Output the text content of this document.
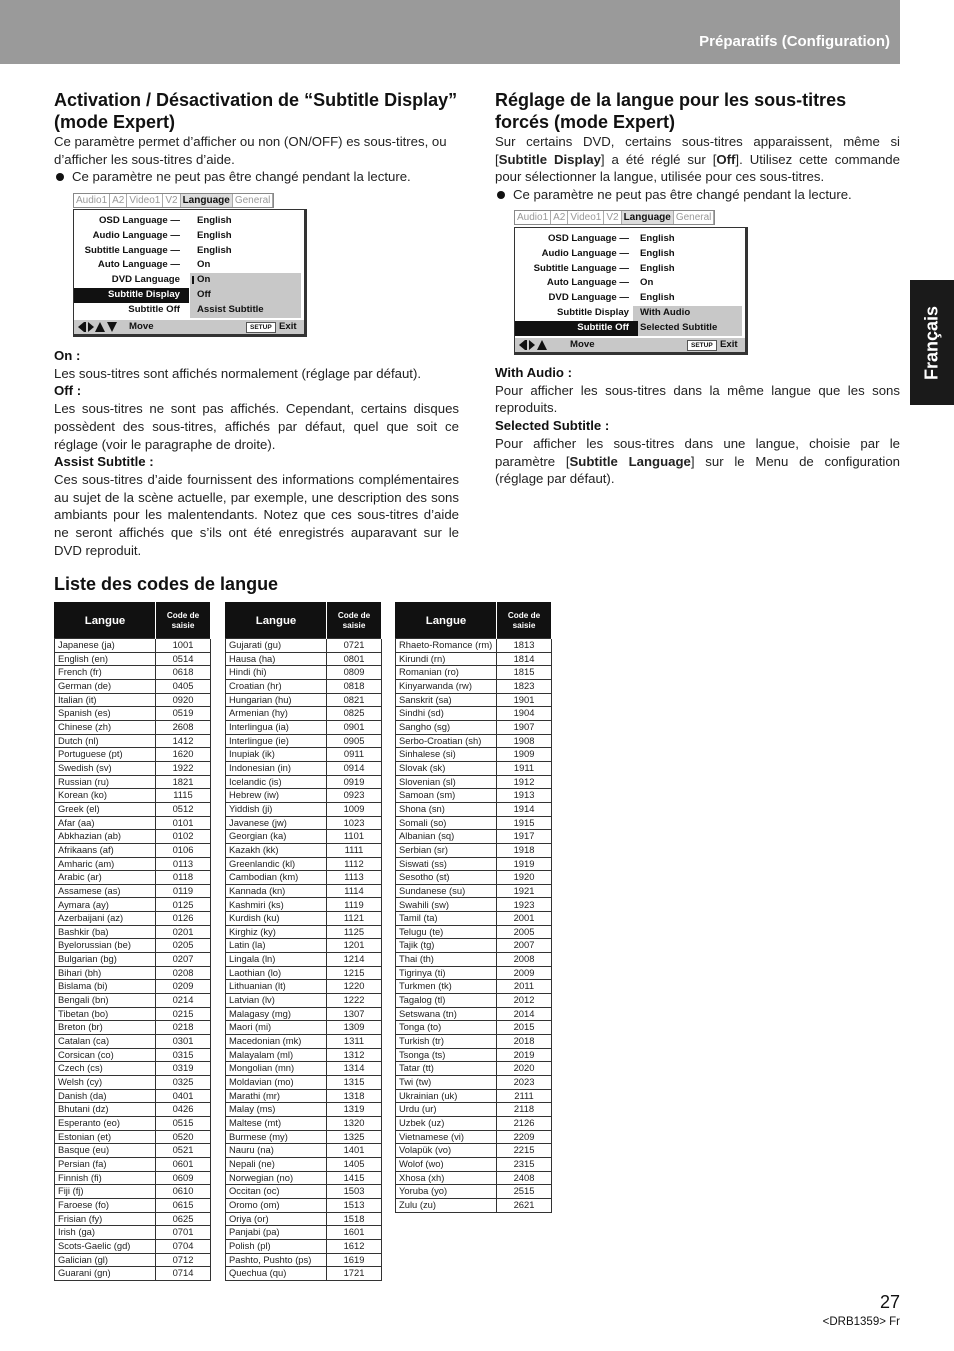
Préparatifs (Configuration)
Français
Activation / Désactivation de “Subtitle Display” (mode Expert)

Ce paramètre permet d’afficher ou non (ON/OFF) es sous-titres, ou d’afficher les sous-titres d’aide.

Ce paramètre ne peut pas être changé pendant la lecture.

Audio1 A2 Video1 V2 Language General
OSD Language —	English
Audio Language —	English
Subtitle Language —	English
Auto Language —	On
DVD Language	On
Subtitle Display	Off
Subtitle Off	Assist Subtitle
Move	SETUP Exit

On :

Les sous-titres sont affichés normalement (réglage par défaut).

Off :

Les sous-titres ne sont pas affichés. Cependant, certains disques possèdent des sous-titres, affichés par défaut, quel que soit ce réglage (voir le paragraphe de droite).

Assist Subtitle :

Ces sous-titres d’aide fournissent des informations complémentaires au sujet de la scène actuelle, par exemple, une description des sons ambiants pour les malentendants. Notez que ces sous-titres d’aide ne seront affichés que s’ils ont été enregistrés auparavant sur le DVD reproduit.

Réglage de la langue pour les sous-titres forcés (mode Expert)

Sur certains DVD, certains sous-titres apparaissent, même si [Subtitle Display] a été réglé sur [Off]. Utilisez cette commande pour sélectionner la langue, utilisée pour ces sous-titres.

Ce paramètre ne peut pas être changé pendant la lecture.

Audio1 A2 Video1 V2 Language General
OSD Language —	English
Audio Language —	English
Subtitle Language —	English
Auto Language —	On
DVD Language —	English
Subtitle Display	With Audio
Subtitle Off	Selected Subtitle
Move	SETUP Exit

With Audio :

Pour afficher les sous-titres dans la même langue que les sons reproduits.

Selected Subtitle :

Pour afficher les sous-titres dans une langue, choisie par le paramètre [Subtitle Language] sur le Menu de configuration (réglage par défaut).

Liste des codes de langue
Langue	Code de saisie
Japanese (ja)	1001
English (en)	0514
French (fr)	0618
German (de)	0405
Italian (it)	0920
Spanish (es)	0519
Chinese (zh)	2608
Dutch (nl)	1412
Portuguese (pt)	1620
Swedish (sv)	1922
Russian (ru)	1821
Korean (ko)	1115
Greek (el)	0512
Afar (aa)	0101
Abkhazian (ab)	0102
Afrikaans (af)	0106
Amharic (am)	0113
Arabic (ar)	0118
Assamese (as)	0119
Aymara (ay)	0125
Azerbaijani (az)	0126
Bashkir (ba)	0201
Byelorussian (be)	0205
Bulgarian (bg)	0207
Bihari (bh)	0208
Bislama (bi)	0209
Bengali (bn)	0214
Tibetan (bo)	0215
Breton (br)	0218
Catalan (ca)	0301
Corsican (co)	0315
Czech (cs)	0319
Welsh (cy)	0325
Danish (da)	0401
Bhutani (dz)	0426
Esperanto (eo)	0515
Estonian (et)	0520
Basque (eu)	0521
Persian (fa)	0601
Finnish (fi)	0609
Fiji (fj)	0610
Faroese (fo)	0615
Frisian (fy)	0625
Irish (ga)	0701
Scots-Gaelic (gd)	0704
Galician (gl)	0712
Guarani (gn)	0714
Langue	Code de saisie
Gujarati (gu)	0721
Hausa (ha)	0801
Hindi (hi)	0809
Croatian (hr)	0818
Hungarian (hu)	0821
Armenian (hy)	0825
Interlingua (ia)	0901
Interlingue (ie)	0905
Inupiak (ik)	0911
Indonesian (in)	0914
Icelandic (is)	0919
Hebrew (iw)	0923
Yiddish (ji)	1009
Javanese (jw)	1023
Georgian (ka)	1101
Kazakh (kk)	1111
Greenlandic (kl)	1112
Cambodian (km)	1113
Kannada (kn)	1114
Kashmiri (ks)	1119
Kurdish (ku)	1121
Kirghiz (ky)	1125
Latin (la)	1201
Lingala (ln)	1214
Laothian (lo)	1215
Lithuanian (lt)	1220
Latvian (lv)	1222
Malagasy (mg)	1307
Maori (mi)	1309
Macedonian (mk)	1311
Malayalam (ml)	1312
Mongolian (mn)	1314
Moldavian (mo)	1315
Marathi (mr)	1318
Malay (ms)	1319
Maltese (mt)	1320
Burmese (my)	1325
Nauru (na)	1401
Nepali (ne)	1405
Norwegian (no)	1415
Occitan (oc)	1503
Oromo (om)	1513
Oriya (or)	1518
Panjabi (pa)	1601
Polish (pl)	1612
Pashto, Pushto (ps)	1619
Quechua (qu)	1721
Langue	Code de saisie
Rhaeto-Romance (rm)	1813
Kirundi (rn)	1814
Romanian (ro)	1815
Kinyarwanda (rw)	1823
Sanskrit (sa)	1901
Sindhi (sd)	1904
Sangho (sg)	1907
Serbo-Croatian (sh)	1908
Sinhalese (si)	1909
Slovak (sk)	1911
Slovenian (sl)	1912
Samoan (sm)	1913
Shona (sn)	1914
Somali (so)	1915
Albanian (sq)	1917
Serbian (sr)	1918
Siswati (ss)	1919
Sesotho (st)	1920
Sundanese (su)	1921
Swahili (sw)	1923
Tamil (ta)	2001
Telugu (te)	2005
Tajik (tg)	2007
Thai (th)	2008
Tigrinya (ti)	2009
Turkmen (tk)	2011
Tagalog (tl)	2012
Setswana (tn)	2014
Tonga (to)	2015
Turkish (tr)	2018
Tsonga (ts)	2019
Tatar (tt)	2020
Twi (tw)	2023
Ukrainian (uk)	2111
Urdu (ur)	2118
Uzbek (uz)	2126
Vietnamese (vi)	2209
Volapük (vo)	2215
Wolof (wo)	2315
Xhosa (xh)	2408
Yoruba (yo)	2515
Zulu (zu)	2621
27
<DRB1359> Fr
